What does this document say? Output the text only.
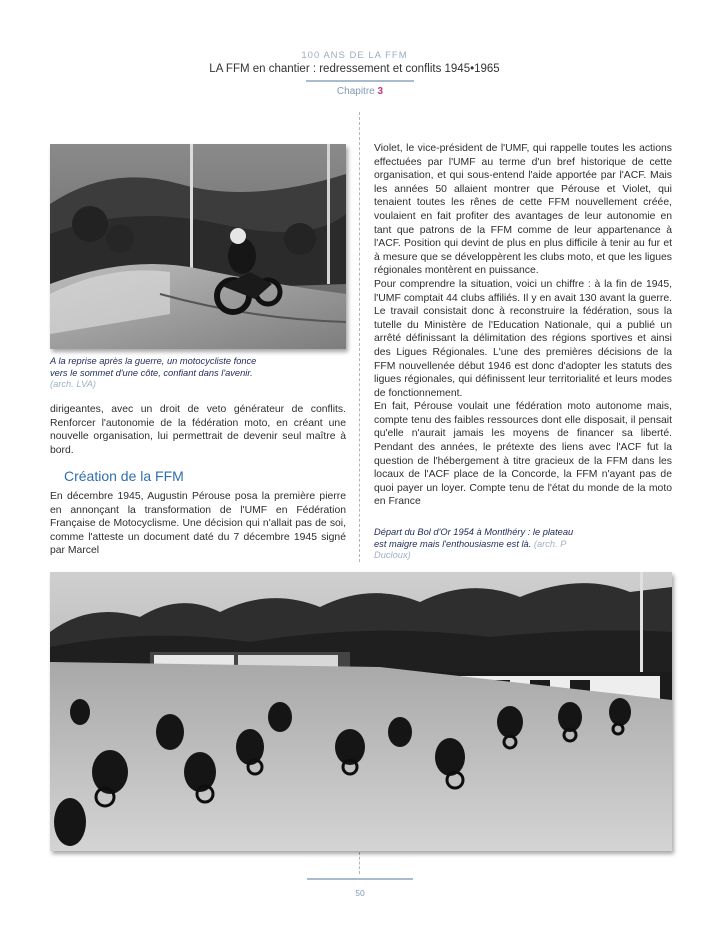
100 ANS DE LA FFM
LA FFM en chantier : redressement et conflits 1945•1965
Chapitre 3
A la reprise après la guerre, un motocycliste fonce vers le sommet d'une côte, confiant dans l'avenir. (arch. LVA)

dirigeantes, avec un droit de veto générateur de conflits. Renforcer l'autonomie de la fédération moto, en créant une nouvelle organisation, lui permettrait de devenir seul maître à bord.

Création de la FFM

En décembre 1945, Augustin Pérouse posa la première pierre en annonçant la transformation de l'UMF en Fédération Française de Motocyclisme. Une décision qui n'allait pas de soi, comme l'atteste un document daté du 7 décembre 1945 signé par Marcel

Violet, le vice-président de l'UMF, qui rappelle toutes les actions effectuées par l'UMF au terme d'un bref historique de cette organisation, et qui sous-entend l'aide apportée par l'ACF. Mais les années 50 allaient montrer que Pérouse et Violet, qui tenaient toutes les rênes de cette FFM nouvellement créée, voulaient en fait profiter des avantages de leur autonomie en tant que patrons de la FFM comme de leur appartenance à l'ACF. Position qui devint de plus en plus difficile à tenir au fur et à mesure que se développèrent les clubs moto, et que les ligues régionales montèrent en puissance.

Pour comprendre la situation, voici un chiffre : à la fin de 1945, l'UMF comptait 44 clubs affiliés. Il y en avait 130 avant la guerre. Le travail consistait donc à reconstruire la fédération, sous la tutelle du Ministère de l'Education Nationale, qui a publié un arrêté définissant la délimitation des régions sportives et ainsi des Ligues Régionales. L'une des premières décisions de la FFM nouvellenée début 1946 est donc d'adopter les statuts des ligues régionales, qui définissent leur territorialité et leurs modes de fonctionnement.

En fait, Pérouse voulait une fédération moto autonome mais, compte tenu des faibles ressources dont elle disposait, il pensait qu'elle n'aurait jamais les moyens de financer sa liberté. Pendant des années, le prétexte des liens avec l'ACF fut la question de l'hébergement à titre gracieux de la FFM dans les locaux de l'ACF place de la Concorde, la FFM n'ayant pas de quoi payer un loyer. Compte tenu de l'état du monde de la moto en France

Départ du Bol d'Or 1954 à Montlhéry : le plateau est maigre mais l'enthousiasme est là. (arch. P Ducloux)
50
